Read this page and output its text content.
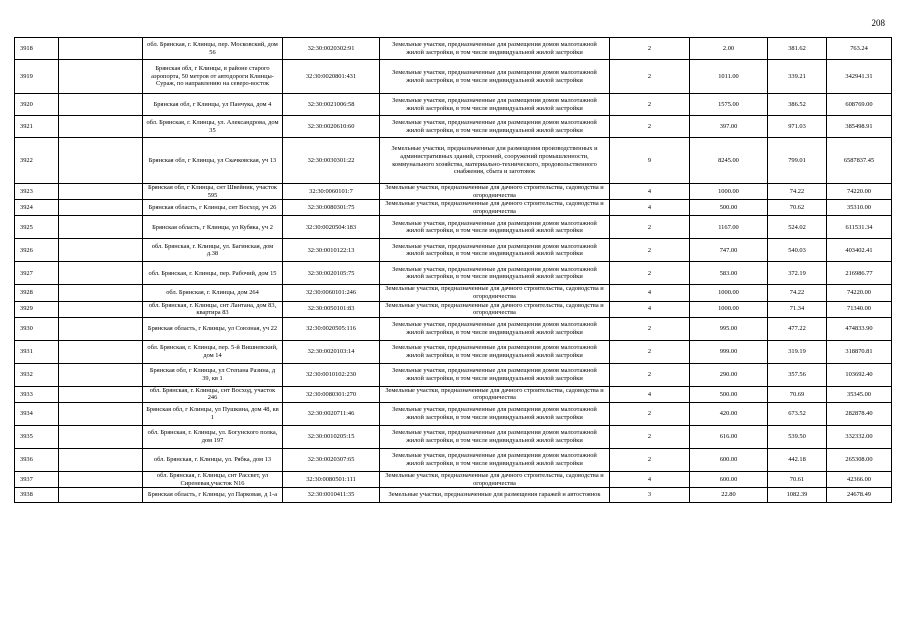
208
3918		обл. Брянская, г. Клинцы, пер. Московский, дом 56	32:30:0020302:91	Земельные участки, предназначенные для размещения домов малоэтажной жилой застройки, в том числе индивидуальной жилой застройки	2	2.00	381.62	763.24
3919		Брянская обл, г Клинцы, в районе старого аэропорта, 50 метров от автодороги Клинцы-Сураж, по направлению на северо-восток	32:30:0020801:431	Земельные участки, предназначенные для размещения домов малоэтажной жилой застройки, в том числе индивидуальной жилой застройки	2	1011.00	339.21	342941.31
3920		Брянская обл, г Клинцы, ул Панчука, дом 4	32:30:0021006:58	Земельные участки, предназначенные для размещения домов малоэтажной жилой застройки, в том числе индивидуальной жилой застройки	2	1575.00	386.52	608769.00
3921		обл. Брянская, г. Клинцы, ул. Александрова, дом 35	32:30:0020610:60	Земельные участки, предназначенные для размещения домов малоэтажной жилой застройки, в том числе индивидуальной жилой застройки	2	397.00	971.03	385498.91
3922		Брянская обл, г Клинцы, ул Скачковская, уч 13	32:30:0030301:22	Земельные участки, предназначенные для размещения производственных и административных зданий, строений, сооружений промышленности, коммунального хозяйства, материально-технического, продовольственного снабжения, сбыта и заготовок	9	8245.00	799.01	6587837.45
3923		Брянская обл, г Клинцы, снт Швейник, участок 595	32:30:0060101:7	Земельные участки, предназначенные для дачного строительства, садоводства и огородничества	4	1000.00	74.22	74220.00
3924		Брянская область, г Клинцы, снт Восход, уч 26	32:30:0080301:75	Земельные участки, предназначенные для дачного строительства, садоводства и огородничества	4	500.00	70.62	35310.00
3925		Брянская область, г Клинцы, ул Кубяка, уч 2	32:30:0020504:183	Земельные участки, предназначенные для размещения домов малоэтажной жилой застройки, в том числе индивидуальной жилой застройки	2	1167.00	524.02	611531.34
3926		обл. Брянская, г. Клинцы, ул. Багинская, дом д.38	32:30:0010122:13	Земельные участки, предназначенные для размещения домов малоэтажной жилой застройки, в том числе индивидуальной жилой застройки	2	747.00	540.03	403402.41
3927		обл. Брянская, г. Клинцы, пер. Рабочий, дом 15	32:30:0020105:75	Земельные участки, предназначенные для размещения домов малоэтажной жилой застройки, в том числе индивидуальной жилой застройки	2	583.00	372.19	216986.77
3928		обл. Брянская, г. Клинцы, дом 264	32:30:0060101:246	Земельные участки, предназначенные для дачного строительства, садоводства и огородничества	4	1000.00	74.22	74220.00
3929		обл. Брянская, г. Клинцы, снт Лантана, дом 83, квартира 83	32:30:0050101:83	Земельные участки, предназначенные для дачного строительства, садоводства и огородничества	4	1000.00	71.34	71340.00
3930		Брянская область, г Клинцы, ул Союзная, уч 22	32:30:0020505:116	Земельные участки, предназначенные для размещения домов малоэтажной жилой застройки, в том числе индивидуальной жилой застройки	2	995.00	477.22	474833.90
3931		обл. Брянская, г. Клинцы, пер. 5-й Вишневский, дом 14	32:30:0020103:14	Земельные участки, предназначенные для размещения домов малоэтажной жилой застройки, в том числе индивидуальной жилой застройки	2	999.00	319.19	318870.81
3932		Брянская обл, г Клинцы, ул Степана Разина, д 39, кв 1	32:30:0010102:230	Земельные участки, предназначенные для размещения домов малоэтажной жилой застройки, в том числе индивидуальной жилой застройки	2	290.00	357.56	103692.40
3933		обл. Брянская, г. Клинцы, снт Восход, участок 246	32:30:0080301:270	Земельные участки, предназначенные для дачного строительства, садоводства и огородничества	4	500.00	70.69	35345.00
3934		Брянская обл, г Клинцы, ул Пушкина, дом 48, кв 1	32:30:0020711:46	Земельные участки, предназначенные для размещения домов малоэтажной жилой застройки, в том числе индивидуальной жилой застройки	2	420.00	673.52	282878.40
3935		обл. Брянская, г. Клинцы, ул. Богунского полка, дом 197	32:30:0010205:15	Земельные участки, предназначенные для размещения домов малоэтажной жилой застройки, в том числе индивидуальной жилой застройки	2	616.00	539.50	332332.00
3936		обл. Брянская, г. Клинцы, ул. Рябка, дом 13	32:30:0020307:65	Земельные участки, предназначенные для размещения домов малоэтажной жилой застройки, в том числе индивидуальной жилой застройки	2	600.00	442.18	265308.00
3937		обл. Брянская, г. Клинцы, снт Рассвет, ул Сиреневая,участок N16	32:30:0080501:111	Земельные участки, предназначенные для дачного строительства, садоводства и огородничества	4	600.00	70.61	42366.00
3938		Брянская область, г Клинцы, ул Парковая, д 1-а	32:30:0010411:35	Земельные участки, предназначенные для размещения гаражей и автостоянок	3	22.80	1082.39	24678.49
